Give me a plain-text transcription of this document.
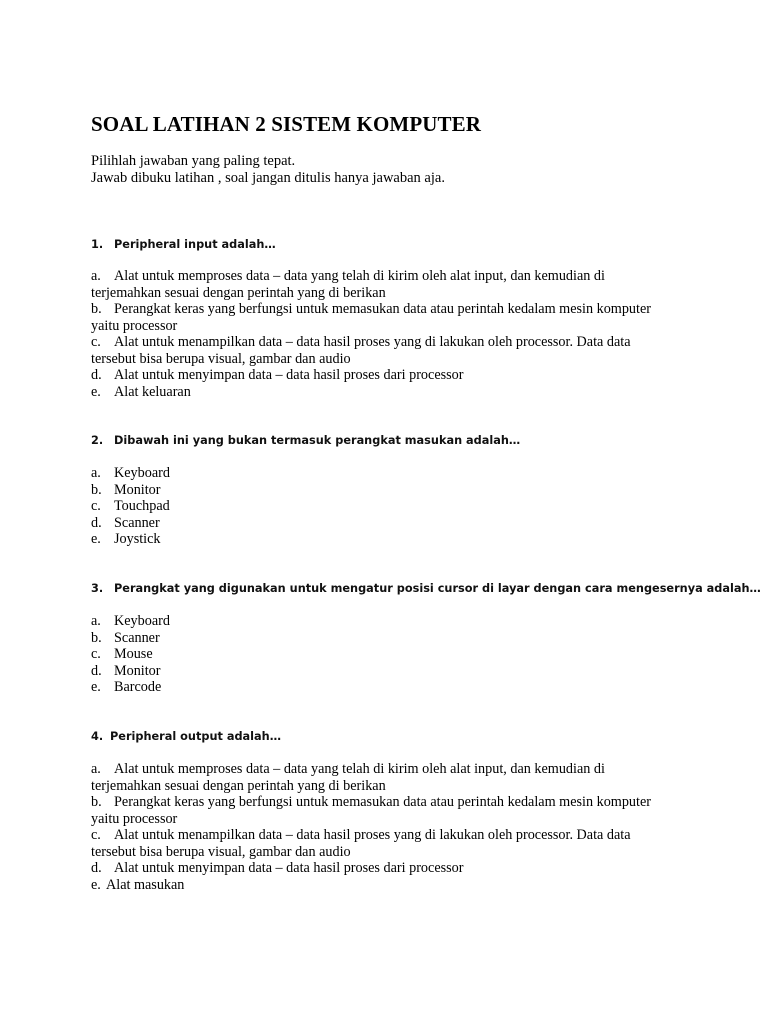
SOAL LATIHAN 2 SISTEM KOMPUTER
Pilihlah jawaban yang paling tepat.
Jawab dibuku latihan , soal jangan ditulis hanya jawaban aja.
1. Peripheral input adalah…
a. Alat untuk memproses data – data yang telah di kirim oleh alat input, dan kemudian di terjemahkan sesuai dengan perintah yang di berikan
b. Perangkat keras yang berfungsi untuk memasukan data atau perintah kedalam mesin komputer yaitu processor
c. Alat untuk menampilkan data – data hasil proses yang di lakukan oleh processor. Data data tersebut bisa berupa visual, gambar dan audio
d. Alat untuk menyimpan data – data hasil proses dari processor
e. Alat keluaran
2. Dibawah ini yang bukan termasuk perangkat masukan adalah…
a. Keyboard
b. Monitor
c. Touchpad
d. Scanner
e. Joystick
3. Perangkat yang digunakan untuk mengatur posisi cursor di layar dengan cara mengesernya adalah…
a. Keyboard
b. Scanner
c. Mouse
d. Monitor
e. Barcode
4. Peripheral output adalah…
a. Alat untuk memproses data – data yang telah di kirim oleh alat input, dan kemudian di terjemahkan sesuai dengan perintah yang di berikan
b. Perangkat keras yang berfungsi untuk memasukan data atau perintah kedalam mesin komputer yaitu processor
c. Alat untuk menampilkan data – data hasil proses yang di lakukan oleh processor. Data data tersebut bisa berupa visual, gambar dan audio
d. Alat untuk menyimpan data – data hasil proses dari processor
e. Alat masukan
